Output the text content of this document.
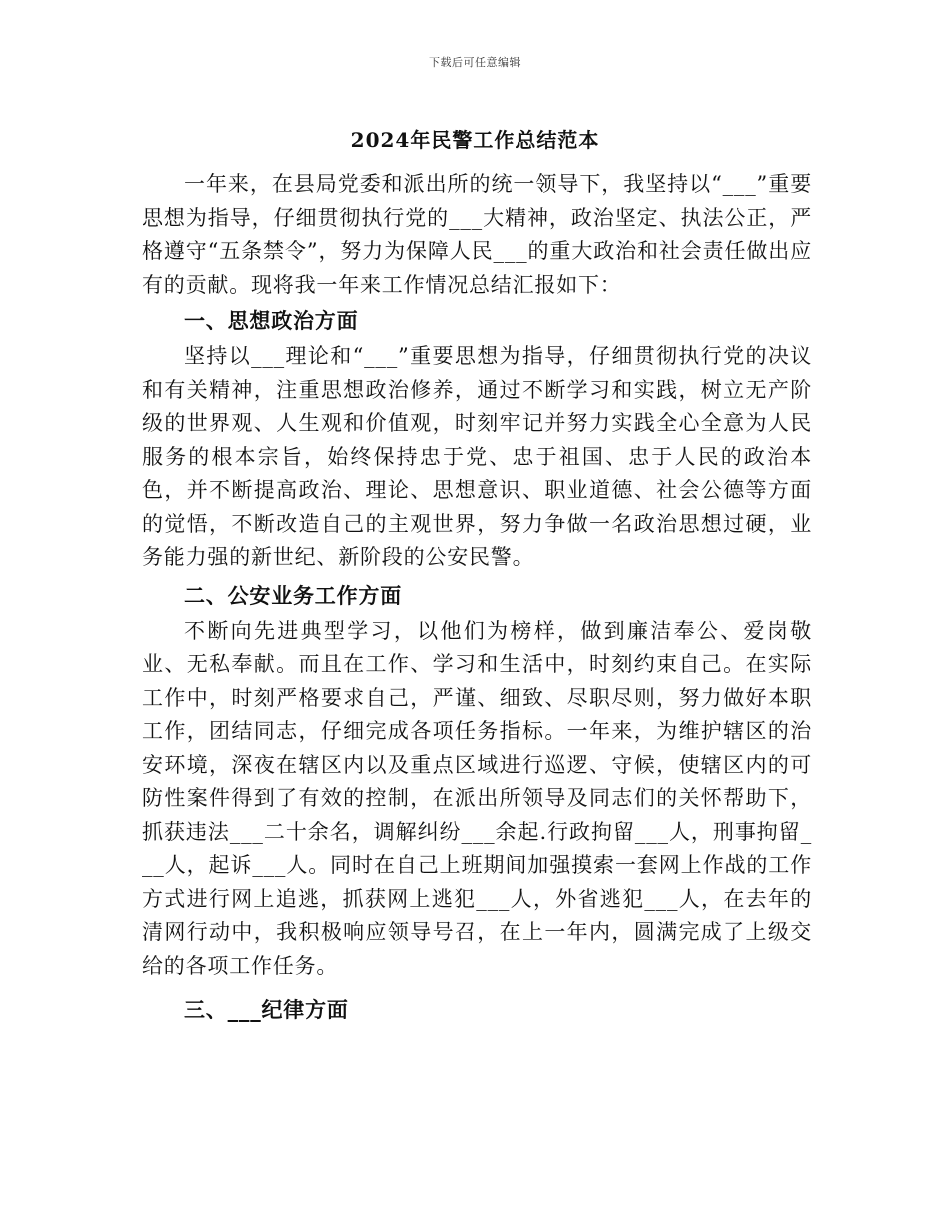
下载后可任意编辑
2024年民警工作总结范本

一年来，在县局党委和派出所的统一领导下，我坚持以“___”重要思想为指导，仔细贯彻执行党的___大精神，政治坚定、执法公正，严格遵守“五条禁令”，努力为保障人民___的重大政治和社会责任做出应有的贡献。现将我一年来工作情况总结汇报如下：

一、思想政治方面

坚持以___理论和“___”重要思想为指导，仔细贯彻执行党的决议和有关精神，注重思想政治修养，通过不断学习和实践，树立无产阶级的世界观、人生观和价值观，时刻牢记并努力实践全心全意为人民服务的根本宗旨，始终保持忠于党、忠于祖国、忠于人民的政治本色，并不断提高政治、理论、思想意识、职业道德、社会公德等方面的觉悟，不断改造自己的主观世界，努力争做一名政治思想过硬，业务能力强的新世纪、新阶段的公安民警。

二、公安业务工作方面

不断向先进典型学习，以他们为榜样，做到廉洁奉公、爱岗敬业、无私奉献。而且在工作、学习和生活中，时刻约束自己。在实际工作中，时刻严格要求自己，严谨、细致、尽职尽则，努力做好本职工作，团结同志，仔细完成各项任务指标。一年来，为维护辖区的治安环境，深夜在辖区内以及重点区域进行巡逻、守候，使辖区内的可防性案件得到了有效的控制，在派出所领导及同志们的关怀帮助下，抓获违法___二十余名，调解纠纷___余起.行政拘留___人，刑事拘留___人，起诉___人。同时在自己上班期间加强摸索一套网上作战的工作方式进行网上追逃，抓获网上逃犯___人，外省逃犯___人，在去年的清网行动中，我积极响应领导号召，在上一年内，圆满完成了上级交给的各项工作任务。

三、___纪律方面
